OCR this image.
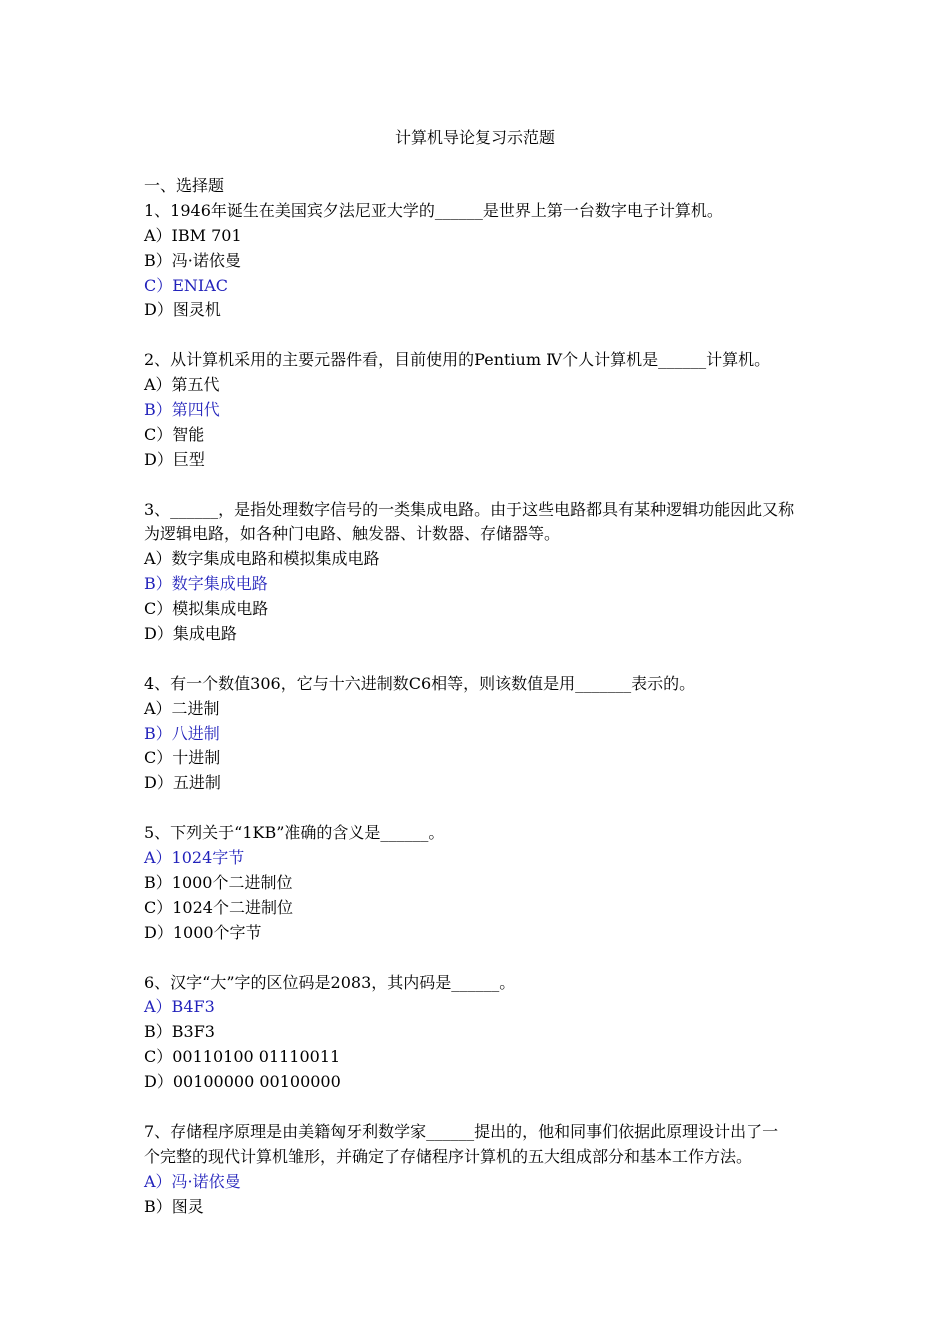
计算机导论复习示范题
一、选择题
1、1946年诞生在美国宾夕法尼亚大学的______是世界上第一台数字电子计算机。
A）IBM 701
B）冯·诺依曼
C）ENIAC
D）图灵机
2、从计算机采用的主要元器件看，目前使用的Pentium Ⅳ个人计算机是______计算机。
A）第五代
B）第四代
C）智能
D）巨型
3、______，是指处理数字信号的一类集成电路。由于这些电路都具有某种逻辑功能因此又称
为逻辑电路，如各种门电路、触发器、计数器、存储器等。
A）数字集成电路和模拟集成电路
B）数字集成电路
C）模拟集成电路
D）集成电路
4、有一个数值306，它与十六进制数C6相等，则该数值是用_______表示的。
A）二进制
B）八进制
C）十进制
D）五进制
5、下列关于“1KB”准确的含义是______。
A）1024字节
B）1000个二进制位
C）1024个二进制位
D）1000个字节
6、汉字“大”字的区位码是2083，其内码是______。
A）B4F3
B）B3F3
C）00110100 01110011
D）00100000 00100000
7、存储程序原理是由美籍匈牙利数学家______提出的，他和同事们依据此原理设计出了一
个完整的现代计算机雏形，并确定了存储程序计算机的五大组成部分和基本工作方法。
A）冯·诺依曼
B）图灵
